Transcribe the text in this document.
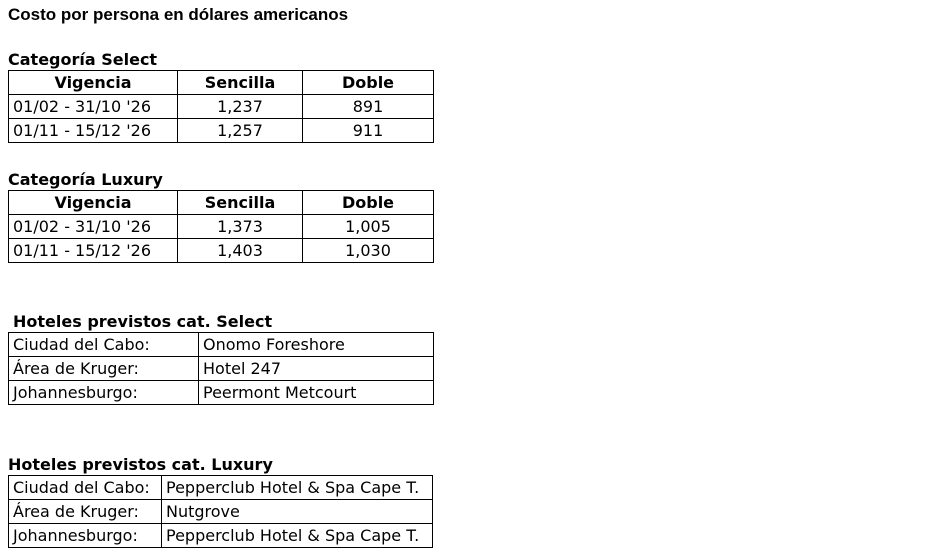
Costo por persona en dólares americanos
Categoría Select
Vigencia	Sencilla	Doble
01/02 - 31/10 '26	1,237	891
01/11 - 15/12 '26	1,257	911
Categoría Luxury
Vigencia	Sencilla	Doble
01/02 - 31/10 '26	1,373	1,005
01/11 - 15/12 '26	1,403	1,030
Hoteles previstos cat. Select
Ciudad del Cabo:	Onomo Foreshore
Área de Kruger:	Hotel 247
Johannesburgo:	Peermont Metcourt
Hoteles previstos cat. Luxury
Ciudad del Cabo:	Pepperclub Hotel & Spa Cape T.
Área de Kruger:	Nutgrove
Johannesburgo:	Pepperclub Hotel & Spa Cape T.
